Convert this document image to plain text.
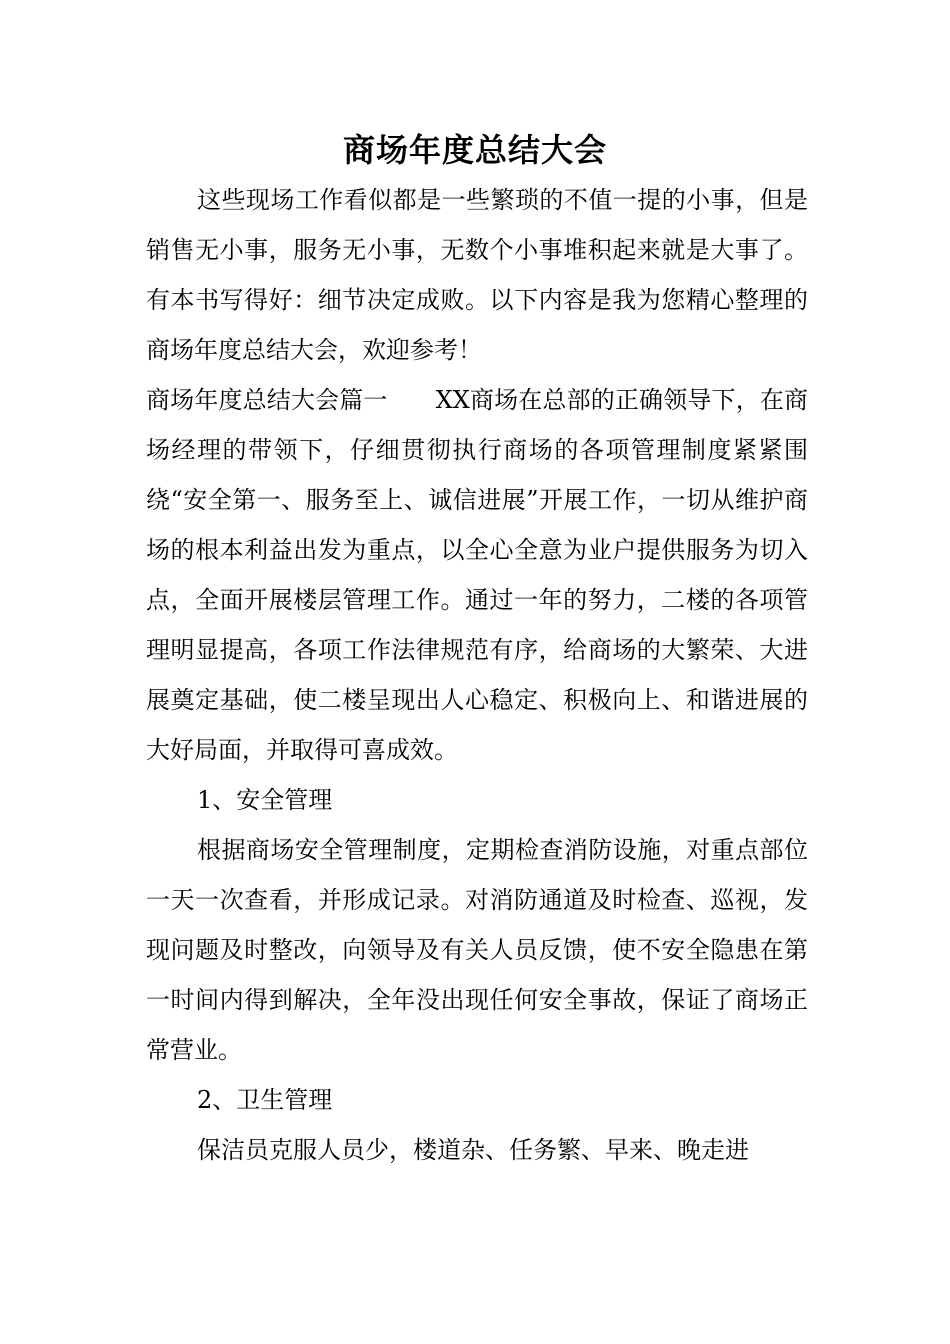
商场年度总结大会

这些现场工作看似都是一些繁琐的不值一提的小事，但是销售无小事，服务无小事，无数个小事堆积起来就是大事了。有本书写得好：细节决定成败。以下内容是我为您精心整理的商场年度总结大会，欢迎参考！

商场年度总结大会篇一 XX商场在总部的正确领导下，在商场经理的带领下，仔细贯彻执行商场的各项管理制度紧紧围绕“安全第一、服务至上、诚信进展”开展工作，一切从维护商场的根本利益出发为重点，以全心全意为业户提供服务为切入点，全面开展楼层管理工作。通过一年的努力，二楼的各项管理明显提高，各项工作法律规范有序，给商场的大繁荣、大进展奠定基础，使二楼呈现出人心稳定、积极向上、和谐进展的大好局面，并取得可喜成效。

1、安全管理

根据商场安全管理制度，定期检查消防设施，对重点部位一天一次查看，并形成记录。对消防通道及时检查、巡视，发现问题及时整改，向领导及有关人员反馈，使不安全隐患在第一时间内得到解决，全年没出现任何安全事故，保证了商场正常营业。

2、卫生管理

保洁员克服人员少，楼道杂、任务繁、早来、晚走进
